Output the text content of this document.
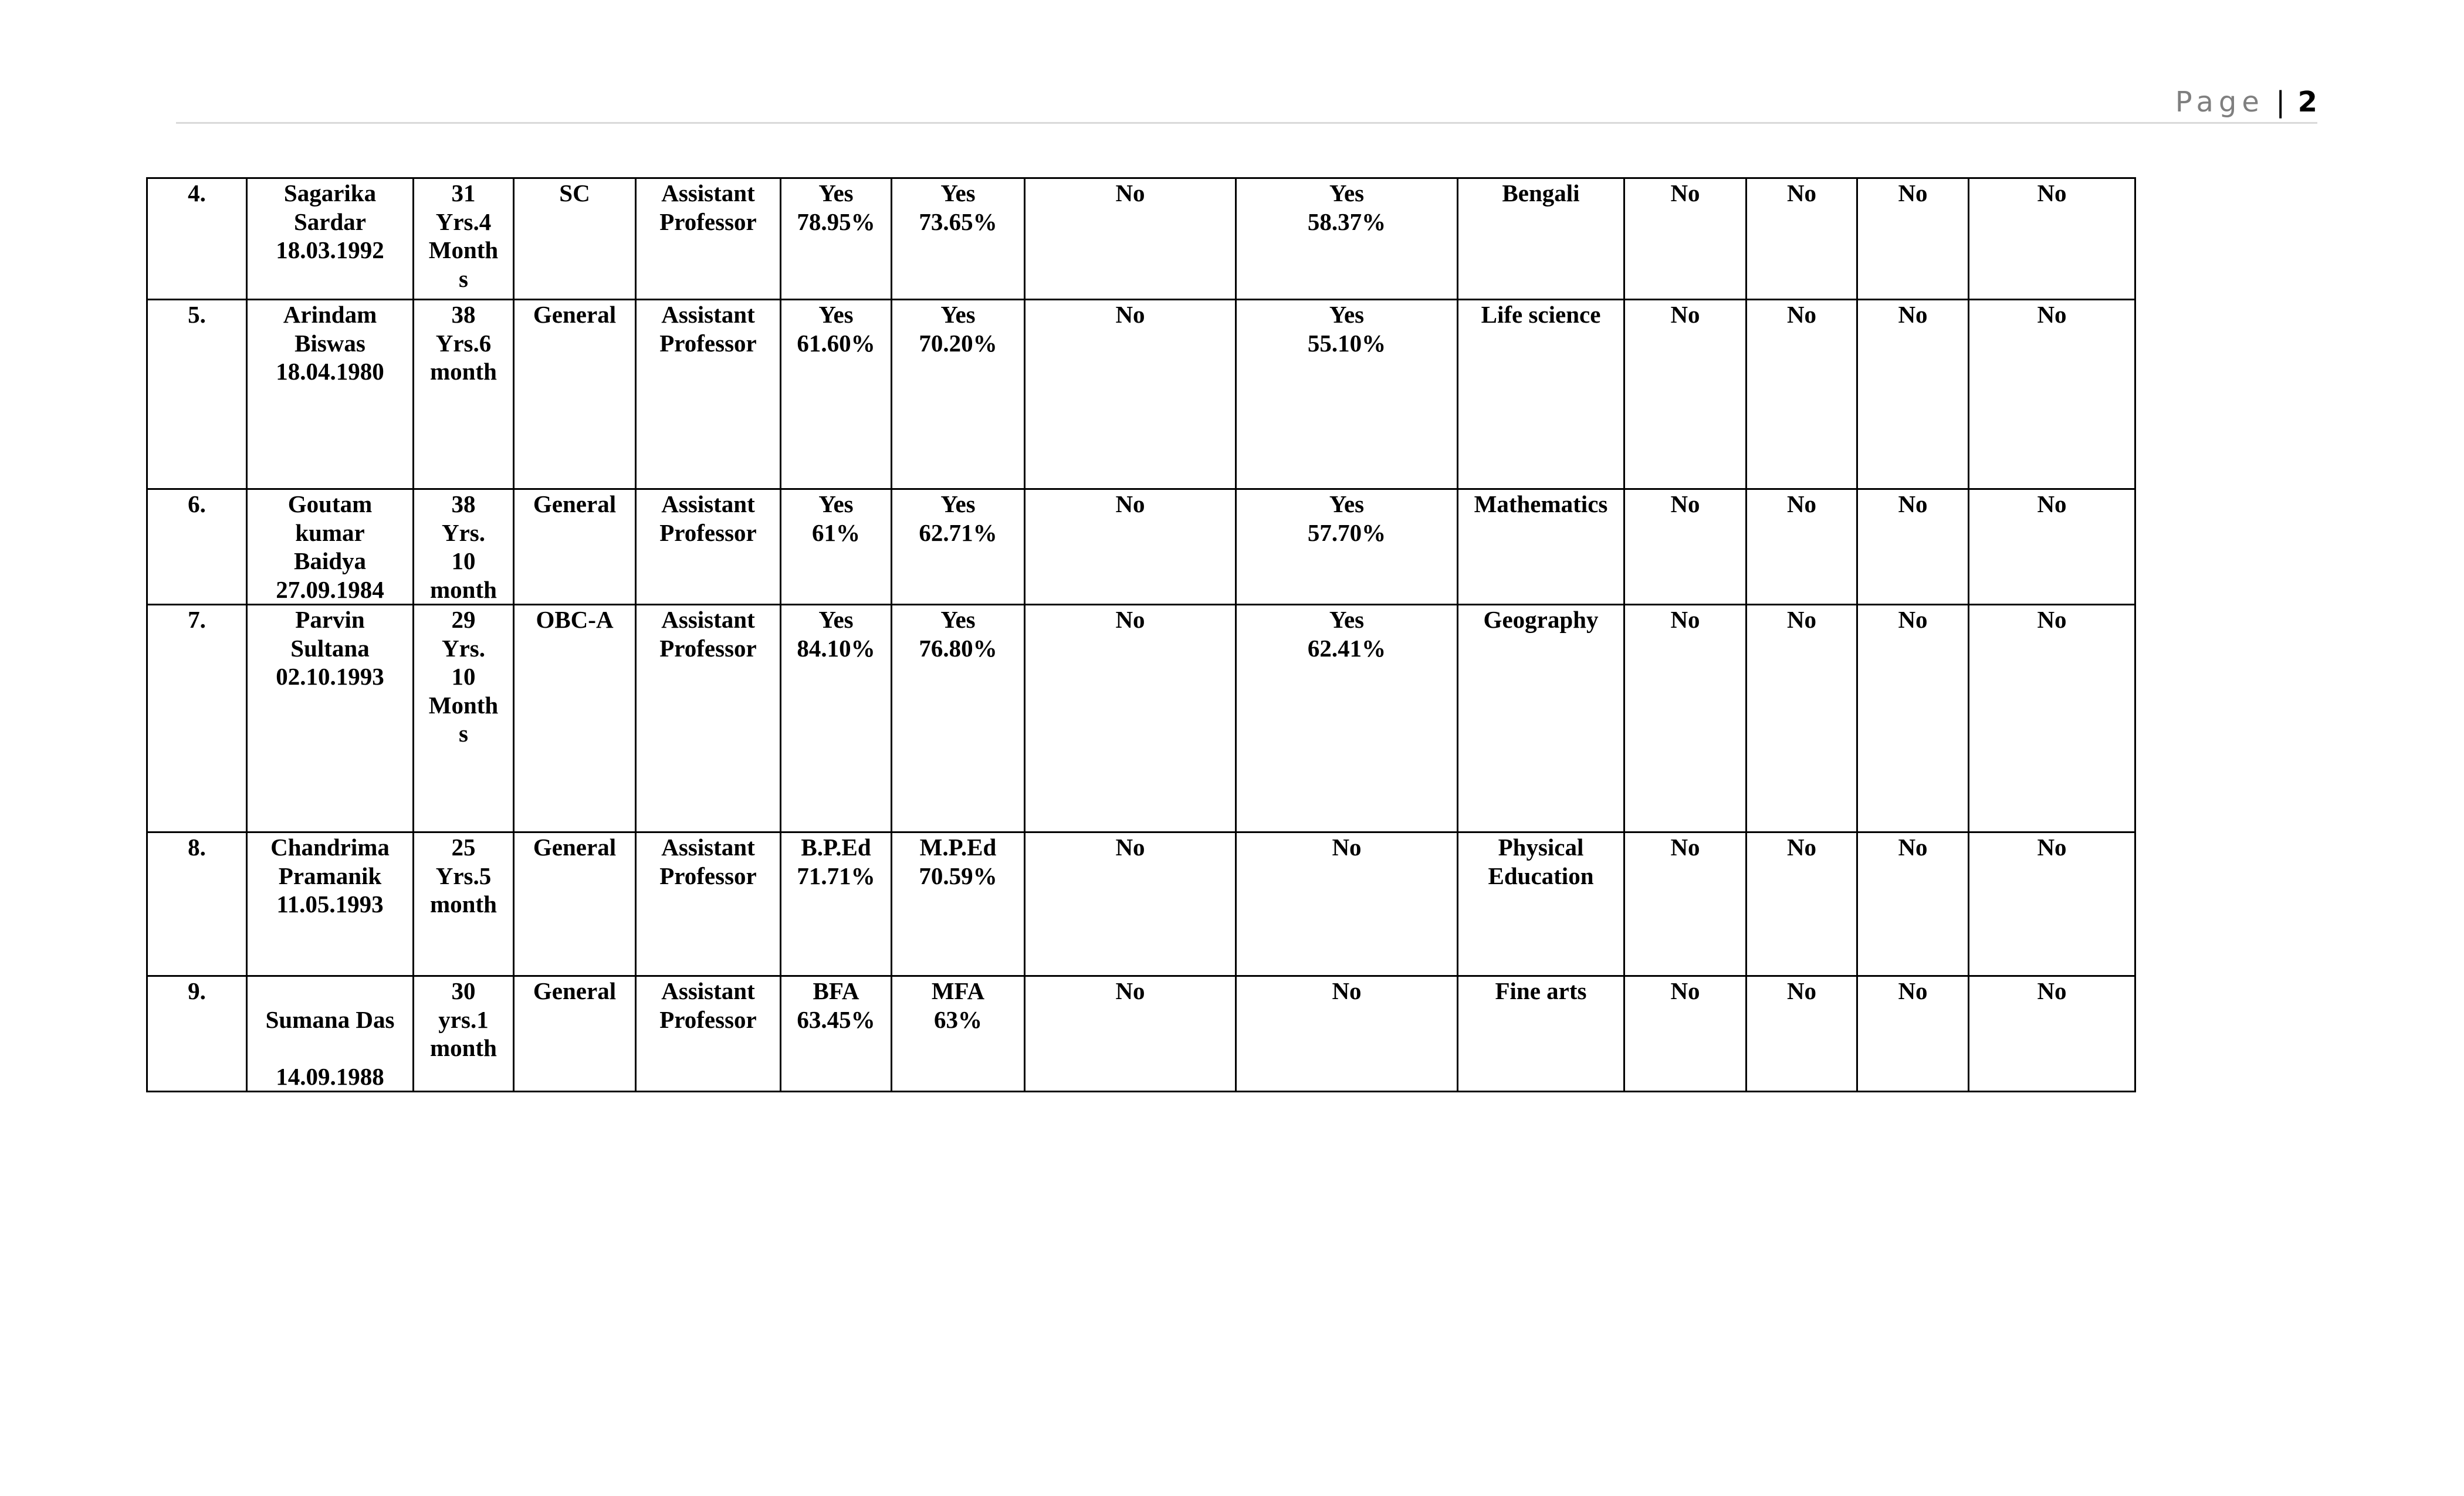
Page | 2
4.	Sagarika
Sardar
18.03.1992	31
Yrs.4
Month
s	SC	Assistant
Professor	Yes
78.95%	Yes
73.65%	No	Yes
58.37%	Bengali	No	No	No	No

5.	Arindam
Biswas
18.04.1980	38
Yrs.6
month	General	Assistant
Professor	Yes
61.60%	Yes
70.20%	No	Yes
55.10%	Life science	No	No	No	No

6.	Goutam
kumar
Baidya
27.09.1984	38
Yrs.
10
month	General	Assistant
Professor	Yes
61%	Yes
62.71%	No	Yes
57.70%	Mathematics	No	No	No	No

7.	Parvin
Sultana
02.10.1993	29
Yrs.
10
Month
s	OBC-A	Assistant
Professor	Yes
84.10%	Yes
76.80%	No	Yes
62.41%	Geography	No	No	No	No

8.	Chandrima
Pramanik
11.05.1993	25
Yrs.5
month	General	Assistant
Professor	B.P.Ed
71.71%	M.P.Ed
70.59%	No	No	Physical
Education	No	No	No	No

9.	Sumana Das

14.09.1988	30
yrs.1
month	General	Assistant
Professor	BFA
63.45%	MFA
63%	No	No	Fine arts	No	No	No	No
